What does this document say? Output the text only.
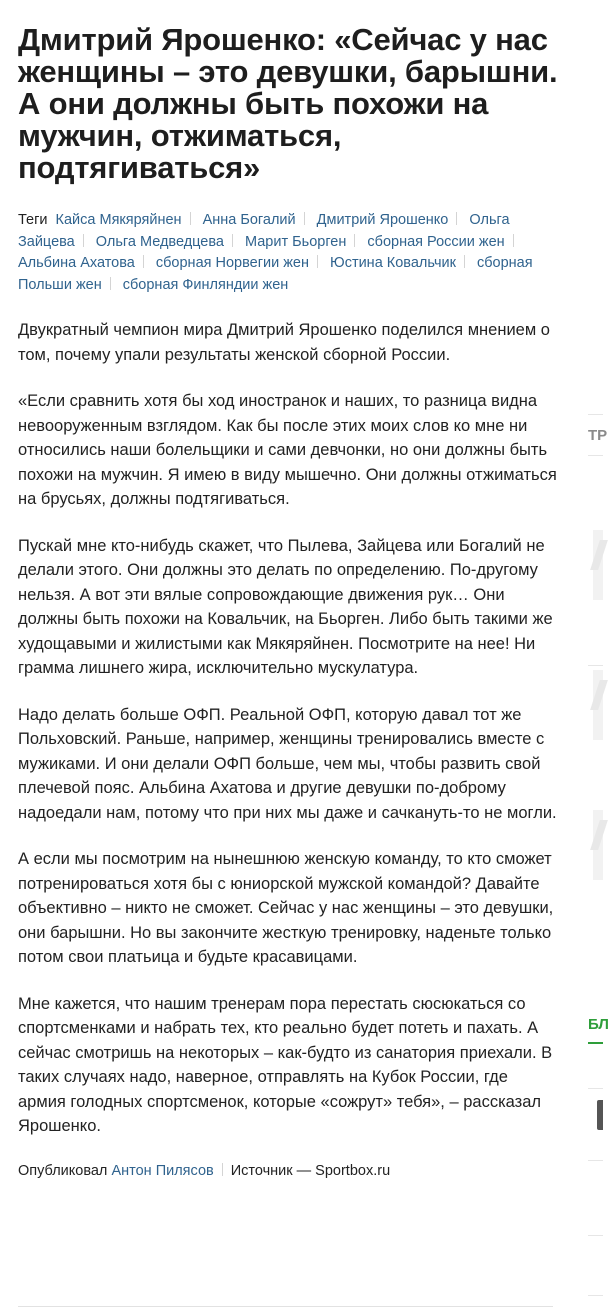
Дмитрий Ярошенко: «Сейчас у нас женщины – это девушки, барышни. А они должны быть похожи на мужчин, отжиматься, подтягиваться»
Теги Кайса Мякяряйнен Анна Богалий Дмитрий Ярошенко Ольга Зайцева Ольга Медведцева Марит Бьорген сборная России жен Альбина Ахатова сборная Норвегии жен Юстина Ковальчик сборная Польши жен сборная Финляндии жен

Двукратный чемпион мира Дмитрий Ярошенко поделился мнением о том, почему упали результаты женской сборной России.

«Если сравнить хотя бы ход иностранок и наших, то разница видна невооруженным взглядом. Как бы после этих моих слов ко мне ни относились наши болельщики и сами девчонки, но они должны быть похожи на мужчин. Я имею в виду мышечно. Они должны отжиматься на брусьях, должны подтягиваться.

Пускай мне кто-нибудь скажет, что Пылева, Зайцева или Богалий не делали этого. Они должны это делать по определению. По-другому нельзя. А вот эти вялые сопровождающие движения рук… Они должны быть похожи на Ковальчик, на Бьорген. Либо быть такими же худощавыми и жилистыми как Мякяряйнен. Посмотрите на нее! Ни грамма лишнего жира, исключительно мускулатура.

Надо делать больше ОФП. Реальной ОФП, которую давал тот же Польховский. Раньше, например, женщины тренировались вместе с мужиками. И они делали ОФП больше, чем мы, чтобы развить свой плечевой пояс. Альбина Ахатова и другие девушки по-доброму надоедали нам, потому что при них мы даже и сачкануть-то не могли.

А если мы посмотрим на нынешнюю женскую команду, то кто сможет потренироваться хотя бы с юниорской мужской командой? Давайте объективно – никто не сможет. Сейчас у нас женщины – это девушки, они барышни. Но вы закончите жесткую тренировку, наденьте только потом свои платьица и будьте красавицами.

Мне кажется, что нашим тренерам пора перестать сюсюкаться со спортсменками и набрать тех, кто реально будет потеть и пахать. А сейчас смотришь на некоторых – как-будто из санатория приехали. В таких случаях надо, наверное, отправлять на Кубок России, где армия голодных спортсменок, которые «сожрут» тебя», – рассказал Ярошенко.

Опубликовал Антон Пилясов Источник — Sportbox.ru
ТР
БЛ
